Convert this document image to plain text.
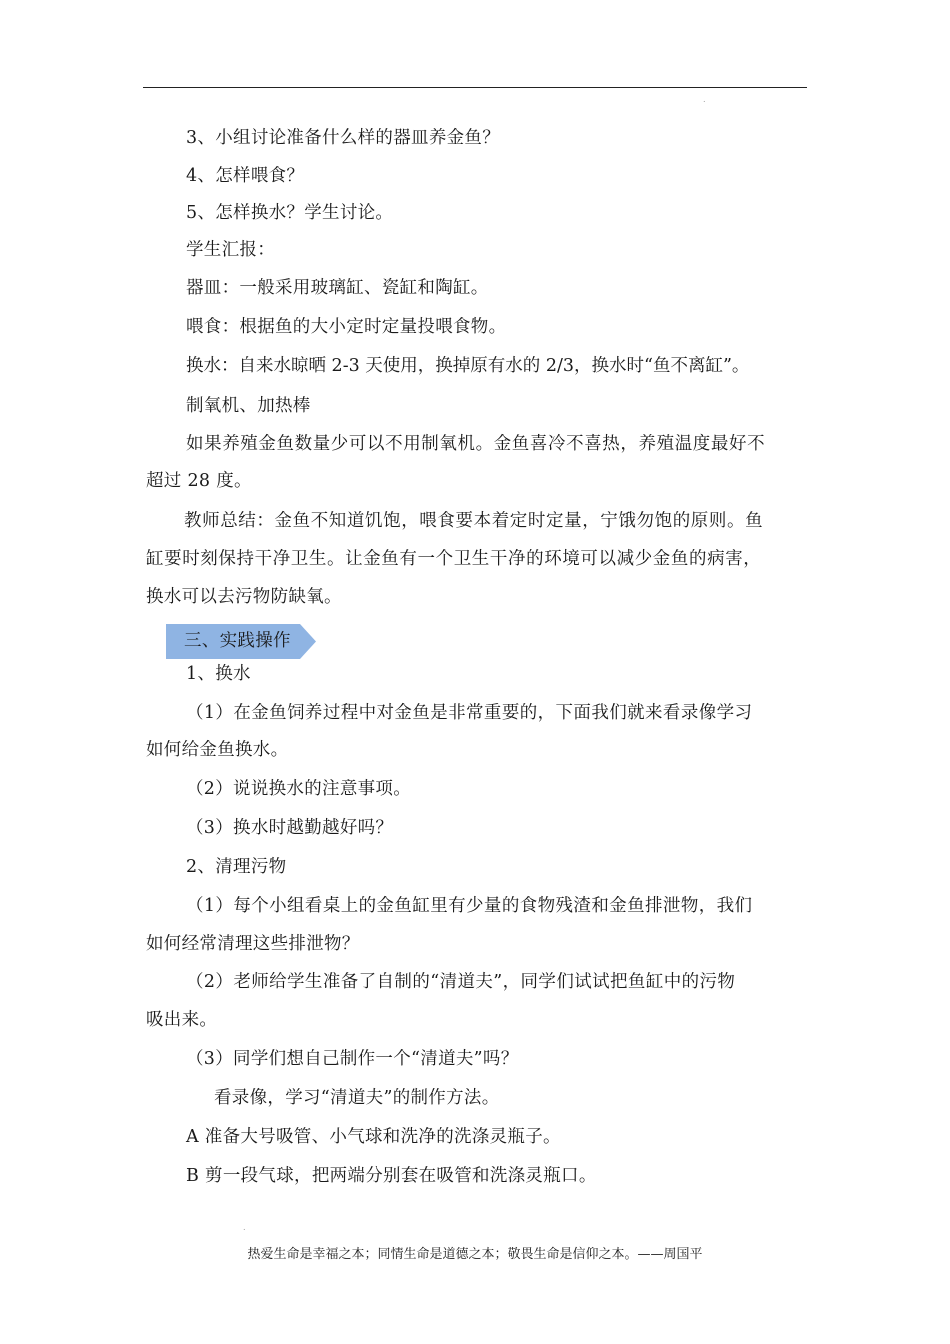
.
3、小组讨论准备什么样的器皿养金鱼？
4、怎样喂食？
5、怎样换水？学生讨论。
学生汇报：
器皿：一般采用玻璃缸、瓷缸和陶缸。
喂食：根据鱼的大小定时定量投喂食物。
换水：自来水晾晒 2-3 天使用，换掉原有水的 2/3，换水时“鱼不离缸”。
制氧机、加热棒
如果养殖金鱼数量少可以不用制氧机。金鱼喜冷不喜热，养殖温度最好不
超过 28 度。
教师总结：金鱼不知道饥饱，喂食要本着定时定量，宁饿勿饱的原则。鱼
缸要时刻保持干净卫生。让金鱼有一个卫生干净的环境可以减少金鱼的病害，
换水可以去污物防缺氧。
三、实践操作
1、换水
（1）在金鱼饲养过程中对金鱼是非常重要的，下面我们就来看录像学习
如何给金鱼换水。
（2）说说换水的注意事项。
（3）换水时越勤越好吗？
2、清理污物
（1）每个小组看桌上的金鱼缸里有少量的食物残渣和金鱼排泄物，我们
如何经常清理这些排泄物？
（2）老师给学生准备了自制的“清道夫”，同学们试试把鱼缸中的污物
吸出来。
（3）同学们想自己制作一个“清道夫”吗？
看录像，学习“清道夫”的制作方法。
A 准备大号吸管、小气球和洗净的洗涤灵瓶子。
B 剪一段气球，把两端分别套在吸管和洗涤灵瓶口。
.
热爱生命是幸福之本；同情生命是道德之本；敬畏生命是信仰之本。——周国平
